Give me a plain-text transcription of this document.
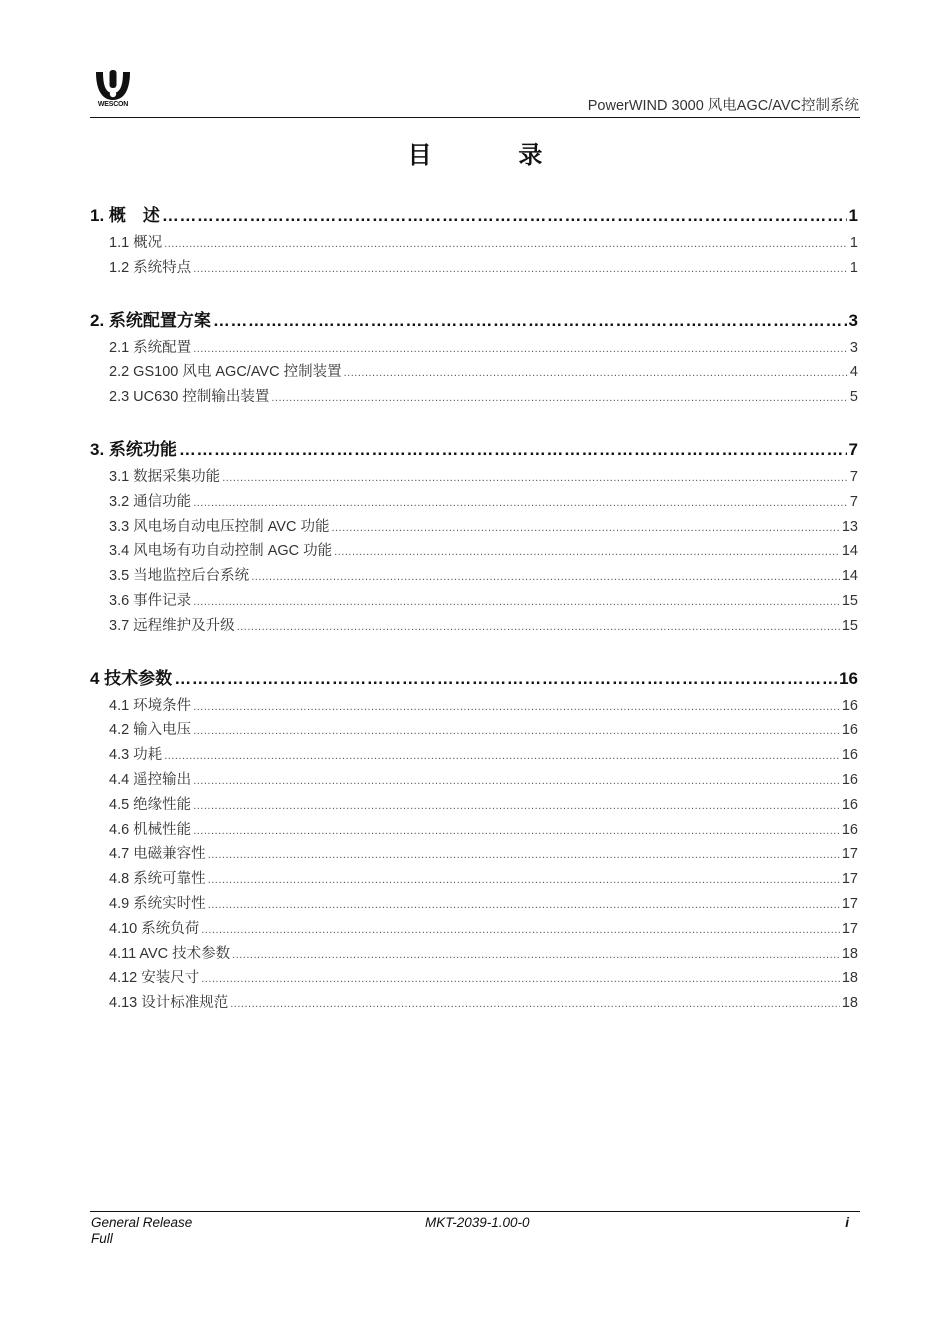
WESCON	PowerWIND 3000 风电AGC/AVC控制系统
目 录
1. 概　述 …………………………………………………………………………………………………………………………………………………………………………………	1
1.1 概况 .....	1
1.2 系统特点 .....	1
2. 系统配置方案 …………………………………………………………………………………………………………………………………………………………………………………	3
2.1 系统配置 .....	3
2.2 GS100 风电 AGC/AVC 控制装置 .....	4
2.3 UC630 控制输出装置 .....	5
3. 系统功能 …………………………………………………………………………………………………………………………………………………………………………………	7
3.1 数据采集功能 .....	7
3.2 通信功能 .....	7
3.3 风电场自动电压控制 AVC 功能 .....	13
3.4 风电场有功自动控制 AGC 功能 .....	14
3.5 当地监控后台系统 .....	14
3.6 事件记录 .....	15
3.7 远程维护及升级 .....	15
4 技术参数 …………………………………………………………………………………………………………………………………………………………………………………	16
4.1 环境条件 .....	16
4.2 输入电压 .....	16
4.3 功耗 .....	16
4.4 遥控输出 .....	16
4.5 绝缘性能 .....	16
4.6 机械性能 .....	16
4.7 电磁兼容性 .....	17
4.8 系统可靠性 .....	17
4.9 系统实时性 .....	17
4.10 系统负荷 .....	17
4.11 AVC 技术参数 .....	18
4.12 安装尺寸 .....	18
4.13 设计标准规范 .....	18
General Release
Full
MKT-2039-1.00-0	i
